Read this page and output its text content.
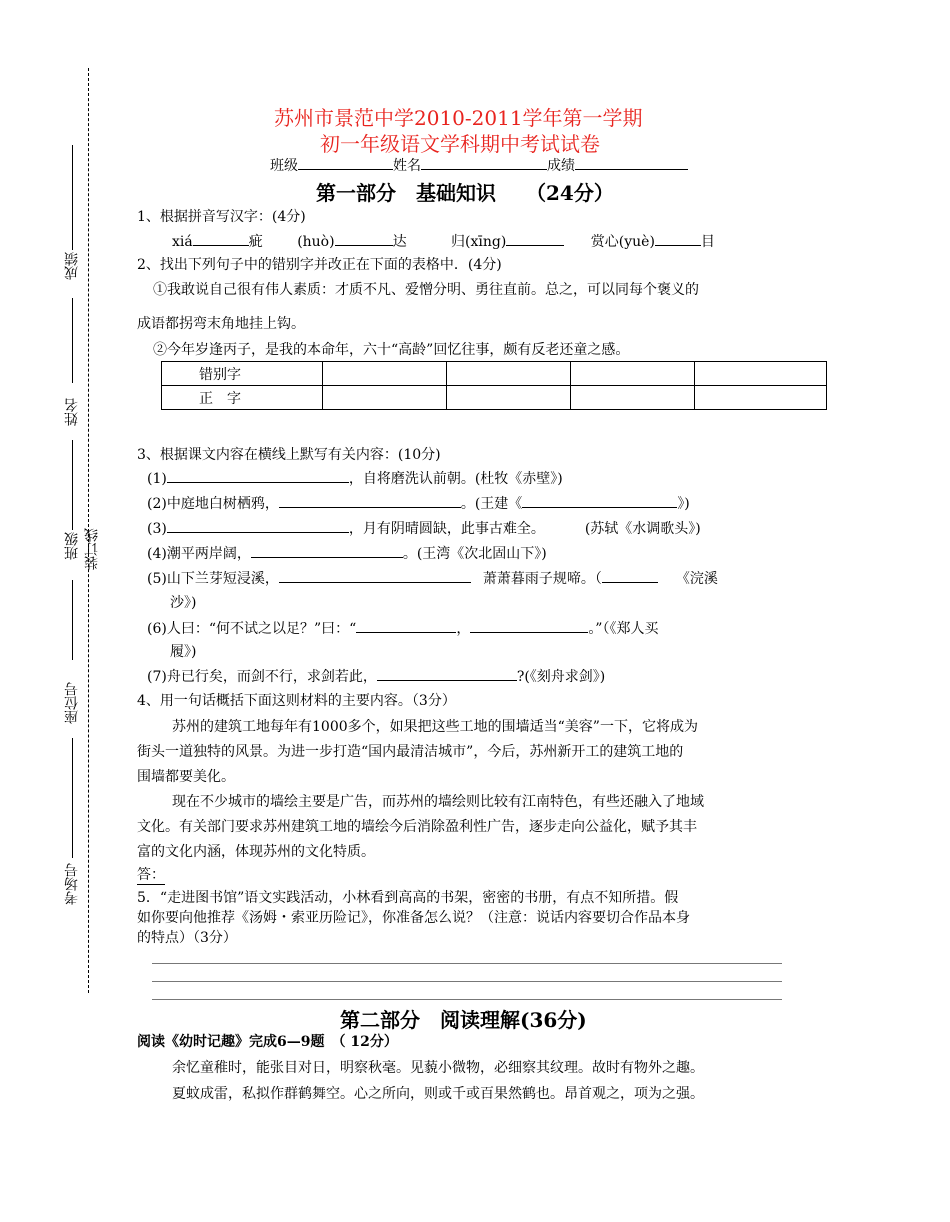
成绩
姓名
班级 装订线
座位号
考场号
苏州市景范中学2010-2011学年第一学期
初一年级语文学科期中考试试卷
班级	姓名	成绩
第一部分　基础知识　　（24分）
1、根据拼音写汉字：(4分)
xiá	疵 (huò)	达	归(xīng)	赏心(yuè)	目
2、找出下列句子中的错别字并改正在下面的表格中．(4分)
①我敢说自己很有伟人素质：才质不凡、爱憎分明、勇往直前。总之，可以同每个褒义的
成语都拐弯末角地挂上钩。
②今年岁逢丙子，是我的本命年，六十“高龄”回忆往事，颇有反老还童之感。
错别字				
正　字				
3、根据课文内容在横线上默写有关内容：(10分)
(1)	，自将磨洗认前朝。(杜牧《赤壁》)
(2)中庭地白树栖鸦，	。(王建《	》)
(3)	，月有阴晴圆缺，此事古难全。	(苏轼《水调歌头》)
(4)潮平两岸阔，	。(王湾《次北固山下》)
(5)山下兰芽短浸溪，	萧萧暮雨子规啼。（	《浣溪
沙》)
(6)人曰：“何不试之以足？”曰：“	，	。”（《郑人买
履》)
(7)舟已行矣，而剑不行，求剑若此，	?(《刻舟求剑》)
4、用一句话概括下面这则材料的主要内容。（3分）
苏州的建筑工地每年有1000多个，如果把这些工地的围墙适当“美容”一下，它将成为
街头一道独特的风景。为进一步打造“国内最清洁城市”，今后，苏州新开工的建筑工地的
围墙都要美化。
现在不少城市的墙绘主要是广告，而苏州的墙绘则比较有江南特色，有些还融入了地域
文化。有关部门要求苏州建筑工地的墙绘今后消除盈利性广告，逐步走向公益化，赋予其丰
富的文化内涵，体现苏州的文化特质。
答：
5．“走进图书馆”语文实践活动，小林看到高高的书架，密密的书册，有点不知所措。假
如你要向他推荐《汤姆・索亚历险记》，你准备怎么说？（注意：说话内容要切合作品本身
的特点）（3分）
第二部分　阅读理解(36分)
阅读《幼时记趣》完成6—9题　（ 12分）
余忆童稚时，能张目对日，明察秋毫。见藐小微物，必细察其纹理。故时有物外之趣。
夏蚊成雷，私拟作群鹤舞空。心之所向，则或千或百果然鹤也。昂首观之，项为之强。
